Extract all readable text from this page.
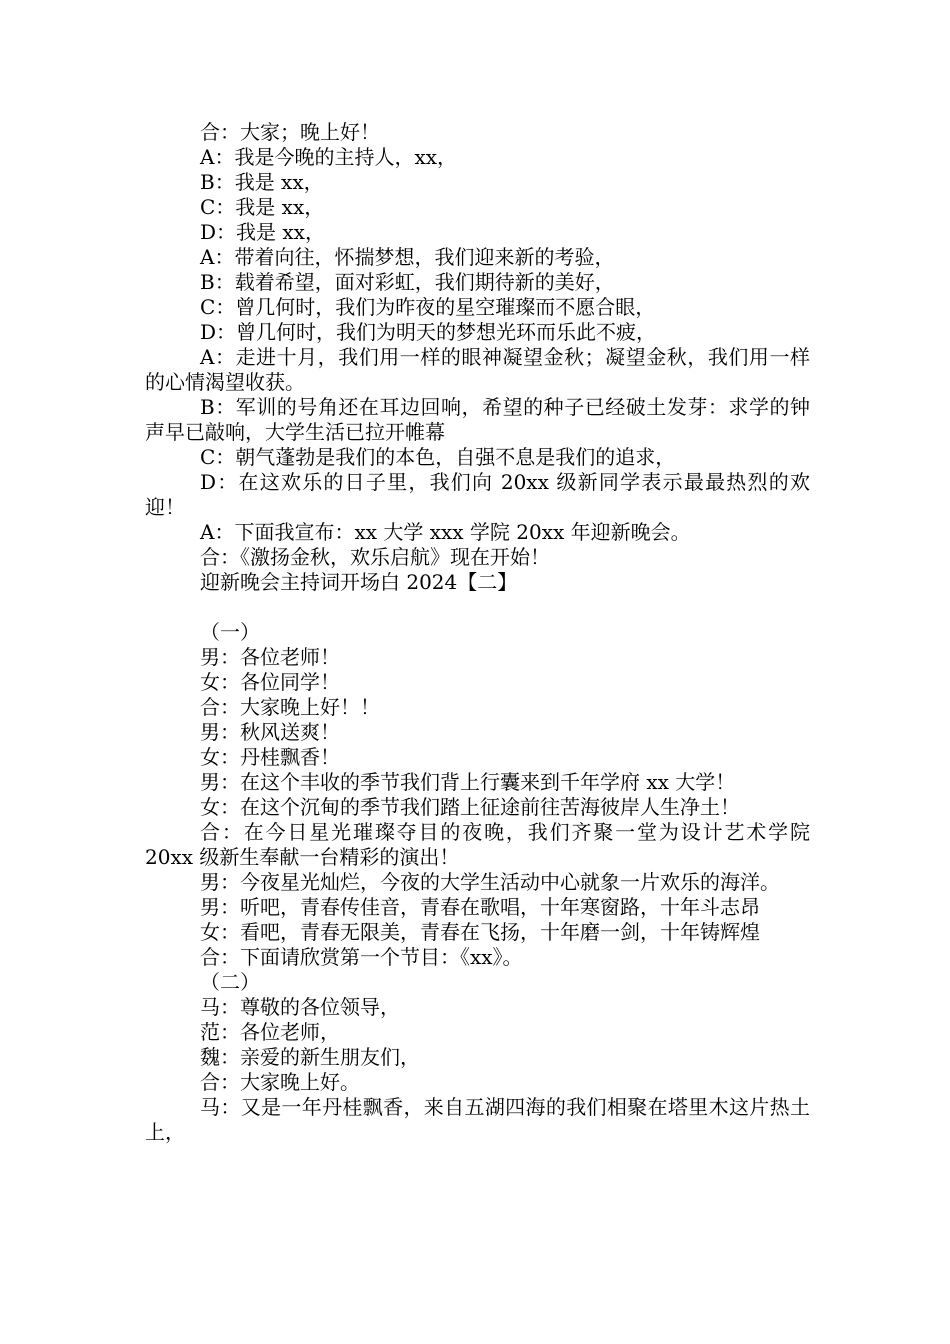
合：大家；晚上好！

A：我是今晚的主持人，xx，

B：我是 xx，

C：我是 xx，

D：我是 xx，

A：带着向往，怀揣梦想，我们迎来新的考验，

B：载着希望，面对彩虹，我们期待新的美好，

C：曾几何时，我们为昨夜的星空璀璨而不愿合眼，

D：曾几何时，我们为明天的梦想光环而乐此不疲，

A：走进十月，我们用一样的眼神凝望金秋；凝望金秋，我们用一样的心情渴望收获。

B：军训的号角还在耳边回响，希望的种子已经破土发芽：求学的钟声早已敲响，大学生活已拉开帷幕

C：朝气蓬勃是我们的本色，自强不息是我们的追求，

D：在这欢乐的日子里，我们向 20xx 级新同学表示最最热烈的欢迎！

A：下面我宣布：xx 大学 xxx 学院 20xx 年迎新晚会。

合：《激扬金秋，欢乐启航》现在开始！

迎新晚会主持词开场白 2024【二】

（一）

男：各位老师！

女：各位同学！

合：大家晚上好！！

男：秋风送爽！

女：丹桂飘香！

男：在这个丰收的季节我们背上行囊来到千年学府 xx 大学！

女：在这个沉甸的季节我们踏上征途前往苦海彼岸人生净土！

合：在今日星光璀璨夺目的夜晚，我们齐聚一堂为设计艺术学院 20xx 级新生奉献一台精彩的演出！

男：今夜星光灿烂，今夜的大学生活动中心就象一片欢乐的海洋。

男：听吧，青春传佳音，青春在歌唱，十年寒窗路，十年斗志昂

女：看吧，青春无限美，青春在飞扬，十年磨一剑，十年铸辉煌

合：下面请欣赏第一个节目：《xx》。

（二）

马：尊敬的各位领导，

范：各位老师，

魏：亲爱的新生朋友们，

合：大家晚上好。

马：又是一年丹桂飘香，来自五湖四海的我们相聚在塔里木这片热土上，
